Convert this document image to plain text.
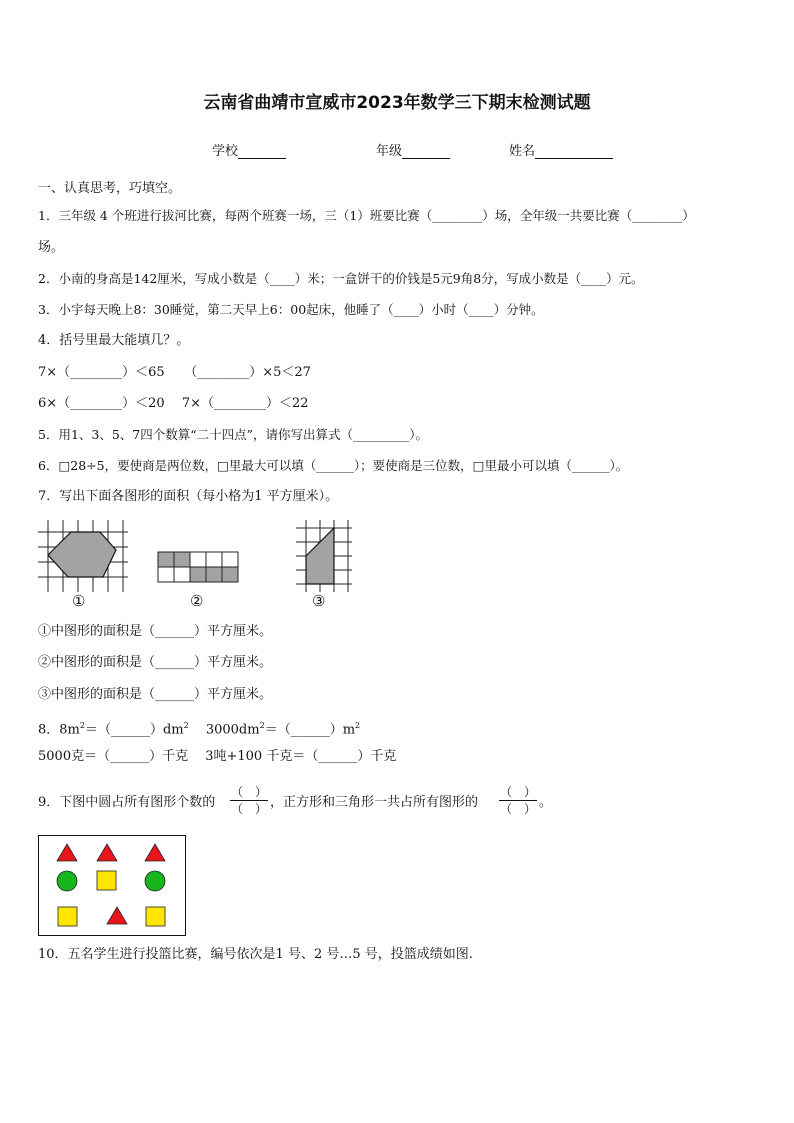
云南省曲靖市宣威市2023年数学三下期末检测试题
学校	年级	姓名
一、认真思考，巧填空。
1．三年级 4 个班进行拔河比赛，每两个班赛一场，三（1）班要比赛（________）场，全年级一共要比赛（________）
场。
2．小南的身高是142厘米，写成小数是（____）米；一盒饼干的价钱是5元9角8分，写成小数是（____）元。
3．小宇每天晚上8：30睡觉，第二天早上6：00起床，他睡了（____）小时（____）分钟。
4．括号里最大能填几？。
7×（________）＜65　　（________）×5＜27
6×（________）＜20　 7×（________）＜22
5．用1、3、5、7四个数算“二十四点”，请你写出算式（_________）。
6．□28÷5，要使商是两位数，□里最大可以填（______）；要使商是三位数，□里最小可以填（______）。
7．写出下面各图形的面积（每小格为1 平方厘米）。
①	②	③
①中图形的面积是（______）平方厘米。
②中图形的面积是（______）平方厘米。
③中图形的面积是（______）平方厘米。
8．$8m^2=(\_\_\_\_\_\_)dm^2$　 $3000dm^2=(\_\_\_\_\_\_)m^2$
5000克＝（______）千克　 3吨+100 千克＝（______）千克
9．下图中圆占所有图形个数的
（　）
（　） ，正方形和三角形一共占所有图形的
（　）
（　） 。
10．五名学生进行投篮比赛，编号依次是1 号、2 号…5 号，投篮成绩如图.
